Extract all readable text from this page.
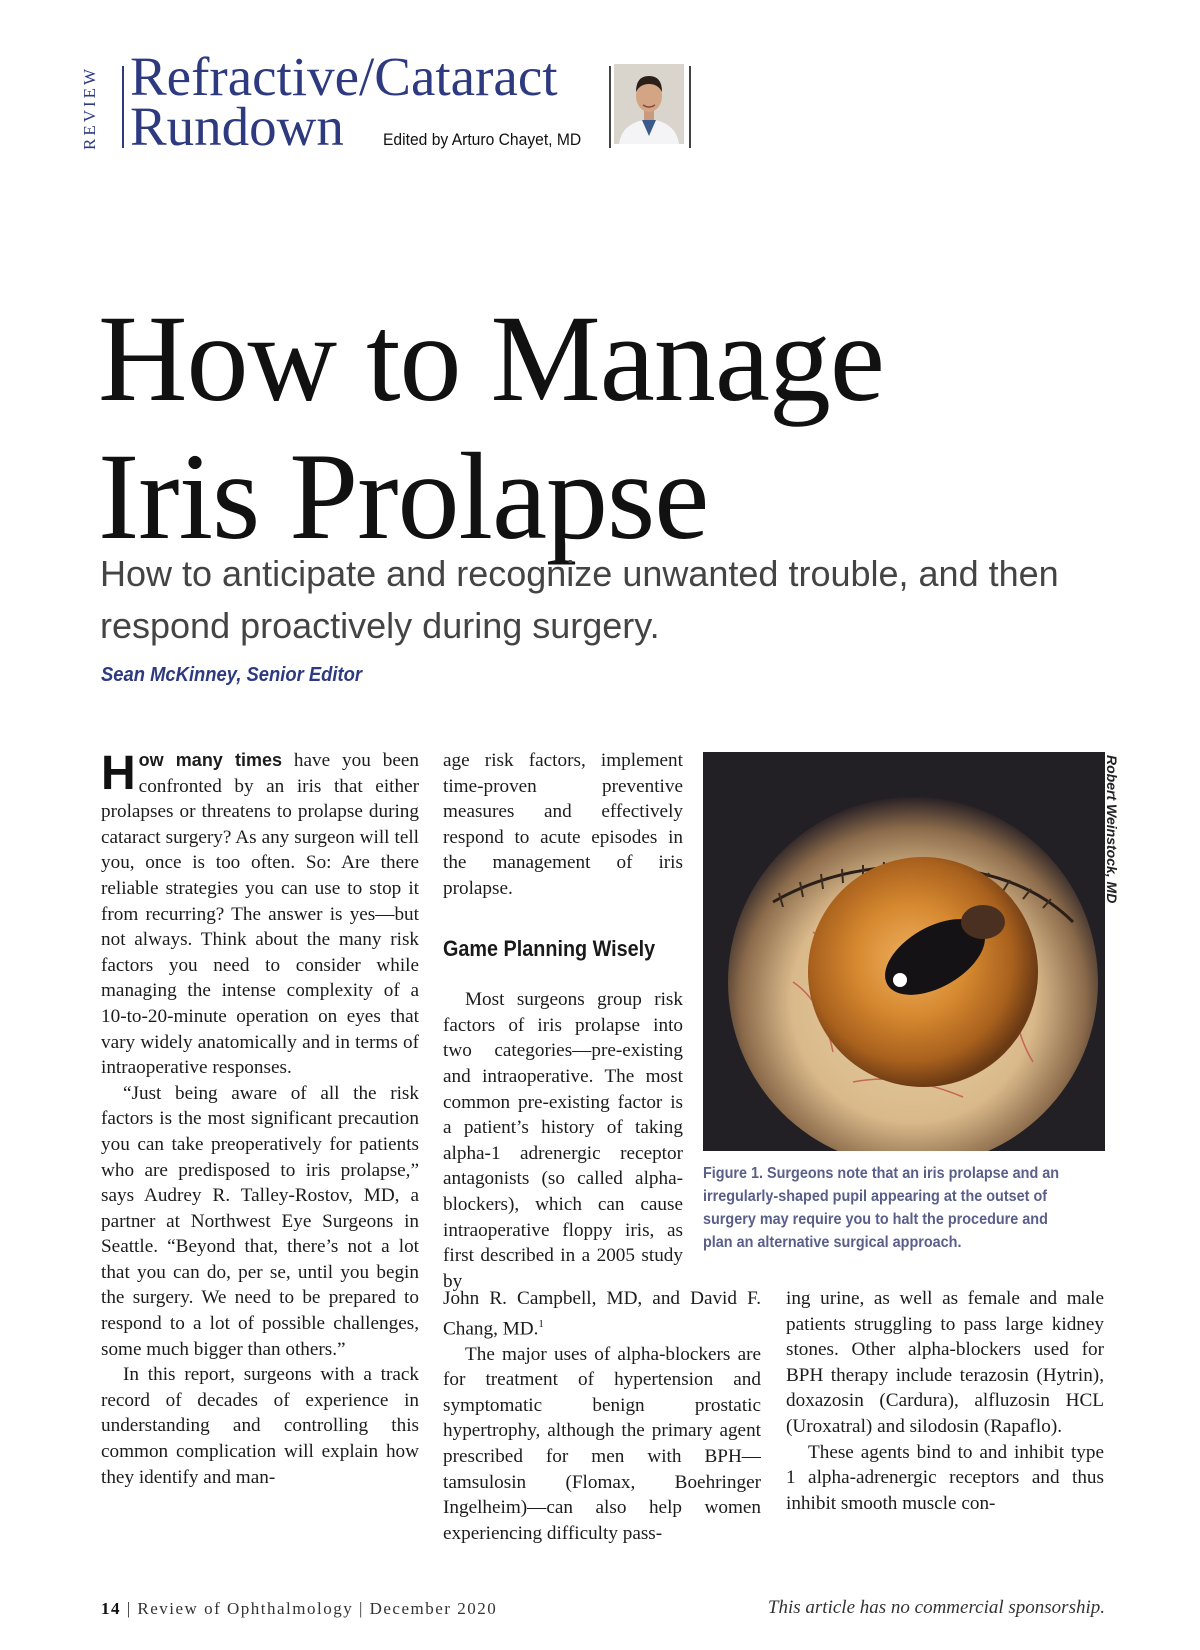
REVIEW Refractive/Cataract
Rundown	Edited by Arturo Chayet, MD
How to Manage
Iris Prolapse
How to anticipate and recognize unwanted trouble, and then respond proactively during surgery.
Sean McKinney, Senior Editor

How many times have you been confronted by an iris that either prolapses or threatens to prolapse during cataract surgery? As any surgeon will tell you, once is too often. So: Are there reliable strategies you can use to stop it from recurring? The answer is yes—but not always. Think about the many risk factors you need to consider while managing the intense complexity of a 10-to-20-minute operation on eyes that vary widely anatomically and in terms of intraoperative responses.

“Just being aware of all the risk factors is the most significant precaution you can take preoperatively for patients who are predisposed to iris prolapse,” says Audrey R. Talley-Rostov, MD, a partner at Northwest Eye Surgeons in Seattle. “Beyond that, there’s not a lot that you can do, per se, until you begin the surgery. We need to be prepared to respond to a lot of possible challenges, some much bigger than others.”

In this report, surgeons with a track record of decades of experience in understanding and controlling this common complication will explain how they identify and man-

age risk factors, implement time-proven preventive measures and effectively respond to acute episodes in the management of iris prolapse.

Game Planning Wisely

Most surgeons group risk factors of iris prolapse into two categories—pre-existing and intraoperative. The most common pre-existing factor is a patient’s history of taking alpha-1 adrenergic receptor antagonists (so called alpha-blockers), which can cause intraoperative floppy iris, as first described in a 2005 study by

John R. Campbell, MD, and David F. Chang, MD.$^1$

The major uses of alpha-blockers are for treatment of hypertension and symptomatic benign prostatic hypertrophy, although the primary agent prescribed for men with BPH—tamsulosin (Flomax, Boehringer Ingelheim)—can also help women experiencing difficulty pass-

ing urine, as well as female and male patients struggling to pass large kidney stones. Other alpha-blockers used for BPH therapy include terazosin (Hytrin), doxazosin (Cardura), alfluzosin HCL (Uroxatral) and silodosin (Rapaflo).

These agents bind to and inhibit type 1 alpha-adrenergic receptors and thus inhibit smooth muscle con-

Robert Weinstock, MD
Figure 1. Surgeons note that an iris prolapse and an irregularly-shaped pupil appearing at the outset of surgery may require you to halt the procedure and plan an alternative surgical approach.
14 | Review of Ophthalmology | December 2020	This article has no commercial sponsorship.
